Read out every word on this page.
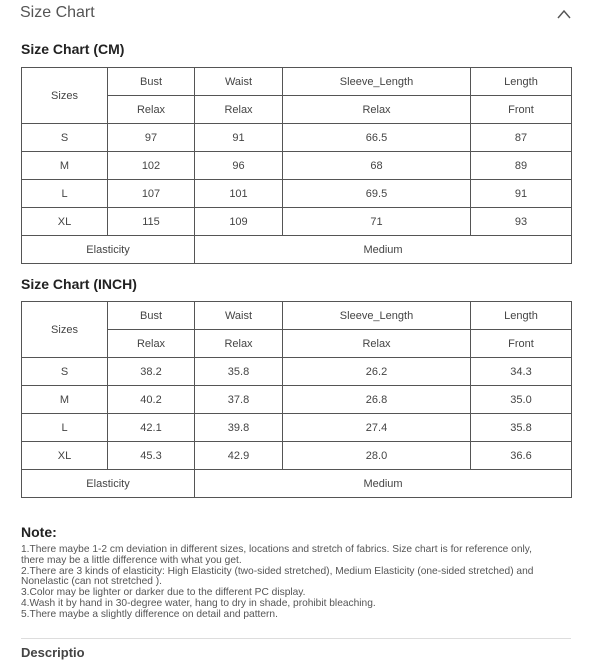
Size Chart
Size Chart (CM)
Sizes	Bust	Waist	Sleeve_Length	Length
	Relax	Relax	Relax	Front
S	97	91	66.5	87
M	102	96	68	89
L	107	101	69.5	91
XL	115	109	71	93
Elasticity		Medium		
Size Chart (INCH)
Sizes	Bust	Waist	Sleeve_Length	Length
	Relax	Relax	Relax	Front
S	38.2	35.8	26.2	34.3
M	40.2	37.8	26.8	35.0
L	42.1	39.8	27.4	35.8
XL	45.3	42.9	28.0	36.6
Elasticity		Medium		
Note:
1.There maybe 1-2 cm deviation in different sizes, locations and stretch of fabrics. Size chart is for reference only,
there may be a little difference with what you get.
2.There are 3 kinds of elasticity: High Elasticity (two-sided stretched), Medium Elasticity (one-sided stretched) and
Nonelastic (can not stretched ).
3.Color may be lighter or darker due to the different PC display.
4.Wash it by hand in 30-degree water, hang to dry in shade, prohibit bleaching.
5.There maybe a slightly difference on detail and pattern.
Descriptio
